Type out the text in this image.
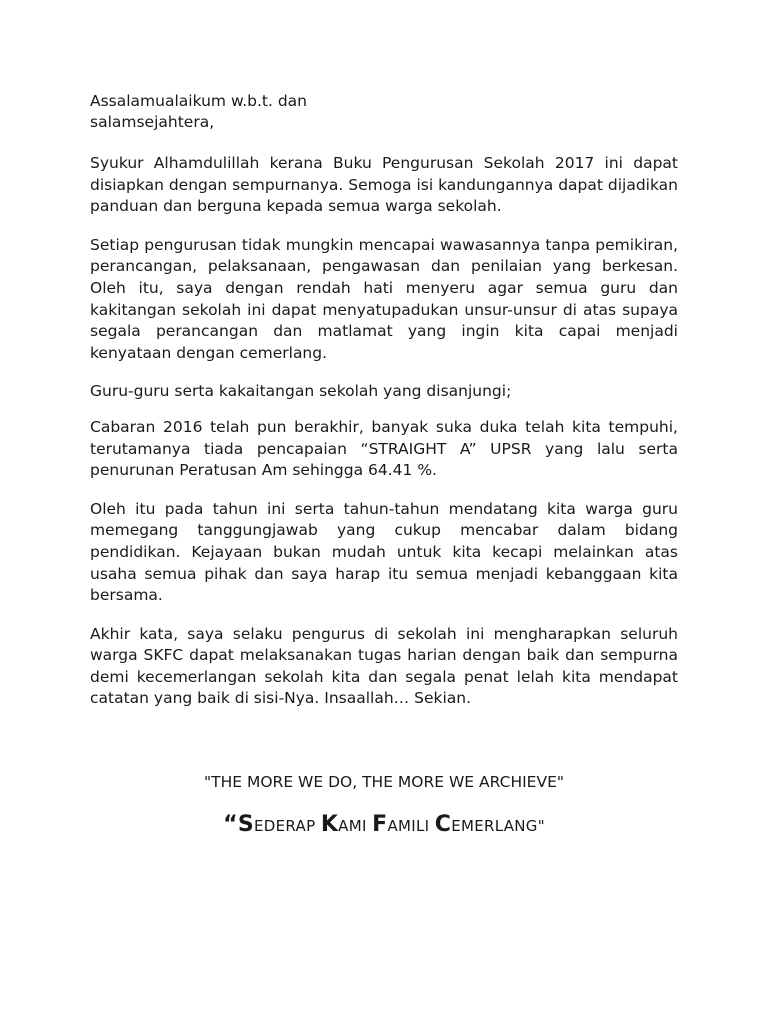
Assalamualaikum w.b.t. dan
salamsejahtera,

Syukur Alhamdulillah kerana Buku Pengurusan Sekolah 2017 ini dapat disiapkan dengan sempurnanya. Semoga isi kandungannya dapat dijadikan panduan dan berguna kepada semua warga sekolah.

Setiap pengurusan tidak mungkin mencapai wawasannya tanpa pemikiran, perancangan, pelaksanaan, pengawasan dan penilaian yang berkesan. Oleh itu, saya dengan rendah hati menyeru agar semua guru dan kakitangan sekolah ini dapat menyatupadukan unsur-unsur di atas supaya segala perancangan dan matlamat yang ingin kita capai menjadi kenyataan dengan cemerlang.

Guru-guru serta kakaitangan sekolah yang disanjungi;

Cabaran 2016 telah pun berakhir, banyak suka duka telah kita tempuhi, terutamanya tiada pencapaian “STRAIGHT A” UPSR yang lalu serta penurunan Peratusan Am sehingga 64.41 %.

Oleh itu pada tahun ini serta tahun-tahun mendatang kita warga guru memegang tanggungjawab yang cukup mencabar dalam bidang pendidikan. Kejayaan bukan mudah untuk kita kecapi melainkan atas usaha semua pihak dan saya harap itu semua menjadi kebanggaan kita bersama.

Akhir kata, saya selaku pengurus di sekolah ini mengharapkan seluruh warga SKFC dapat melaksanakan tugas harian dengan baik dan sempurna demi kecemerlangan sekolah kita dan segala penat lelah kita mendapat catatan yang baik di sisi-Nya. Insaallah… Sekian.

"THE MORE WE DO, THE MORE WE ARCHIEVE"
“SEDERAP KAMI FAMILI CEMERLANG"
